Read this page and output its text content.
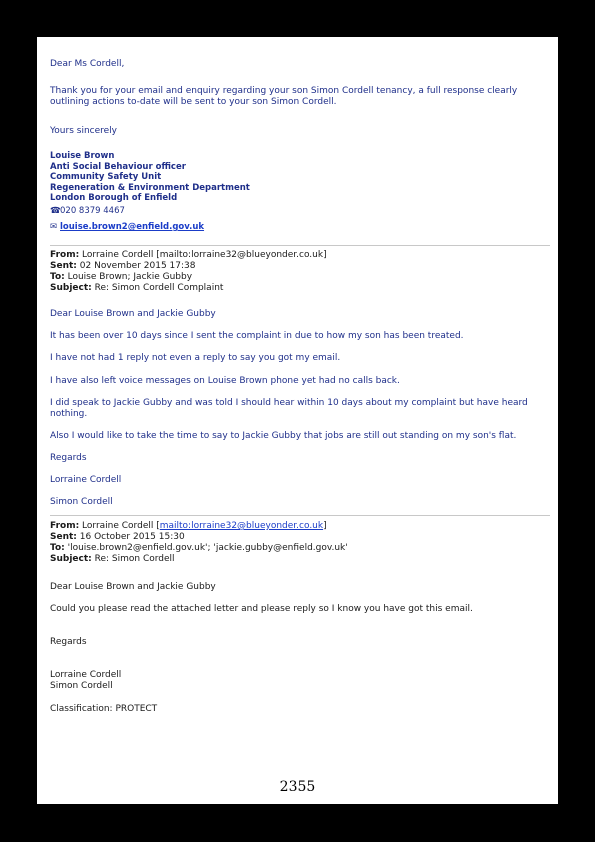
Dear Ms Cordell,
Thank you for your email and enquiry regarding your son Simon Cordell tenancy, a full response clearly
outlining actions to-date will be sent to your son Simon Cordell.
Yours sincerely
Louise Brown
Anti Social Behaviour officer
Community Safety Unit
Regeneration & Environment Department
London Borough of Enfield
☎020 8379 4467
✉ louise.brown2@enfield.gov.uk
From: Lorraine Cordell [mailto:lorraine32@blueyonder.co.uk]
Sent: 02 November 2015 17:38
To: Louise Brown; Jackie Gubby
Subject: Re: Simon Cordell Complaint
Dear Louise Brown and Jackie Gubby
It has been over 10 days since I sent the complaint in due to how my son has been treated.
I have not had 1 reply not even a reply to say you got my email.
I have also left voice messages on Louise Brown phone yet had no calls back.
I did speak to Jackie Gubby and was told I should hear within 10 days about my complaint but have heard
nothing.
Also I would like to take the time to say to Jackie Gubby that jobs are still out standing on my son's flat.
Regards
Lorraine Cordell
Simon Cordell
From: Lorraine Cordell [mailto:lorraine32@blueyonder.co.uk]
Sent: 16 October 2015 15:30
To: 'louise.brown2@enfield.gov.uk'; 'jackie.gubby@enfield.gov.uk'
Subject: Re: Simon Cordell
Dear Louise Brown and Jackie Gubby
Could you please read the attached letter and please reply so I know you have got this email.
Regards
Lorraine Cordell
Simon Cordell
Classification: PROTECT
2355
